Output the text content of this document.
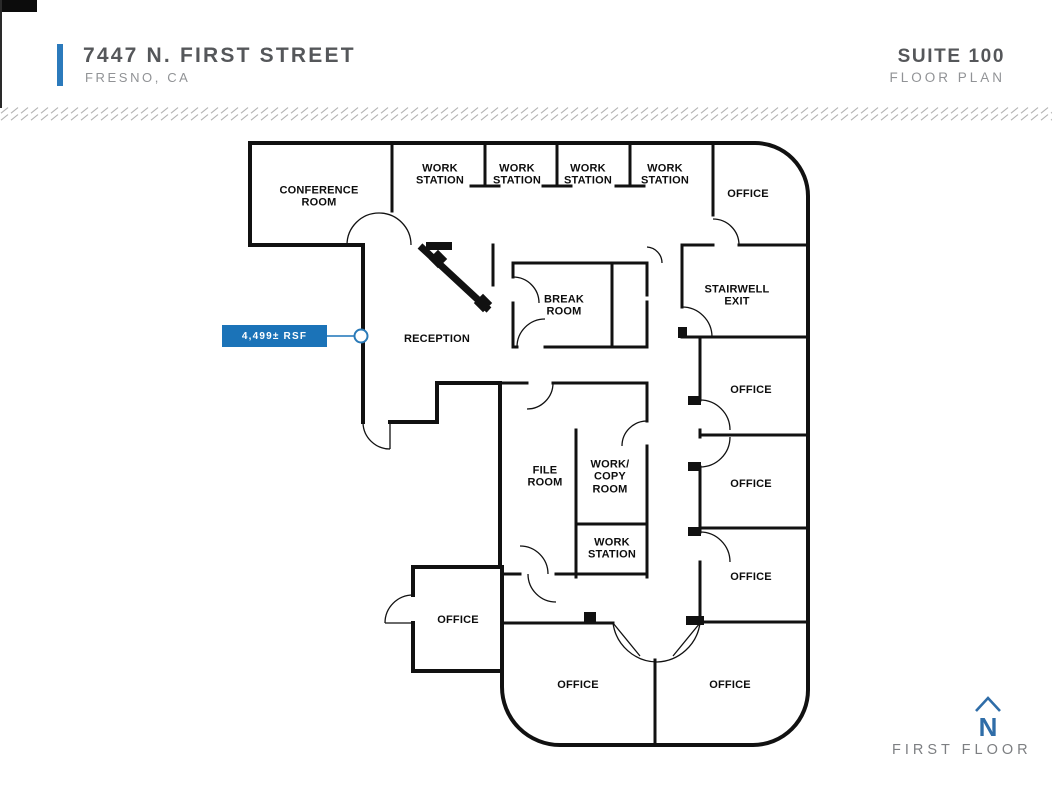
7447 N. FIRST STREET
FRESNO, CA
SUITE 100
FLOOR PLAN
4,499± RSF
CONFERENCE ROOM
WORK STATION
WORK STATION
WORK STATION
WORK STATION
OFFICE
STAIRWELL EXIT
BREAK ROOM
RECEPTION
FILE ROOM
WORK/ COPY ROOM
WORK STATION
OFFICE
OFFICE
OFFICE
OFFICE
OFFICE	OFFICE
N
FIRST FLOOR
